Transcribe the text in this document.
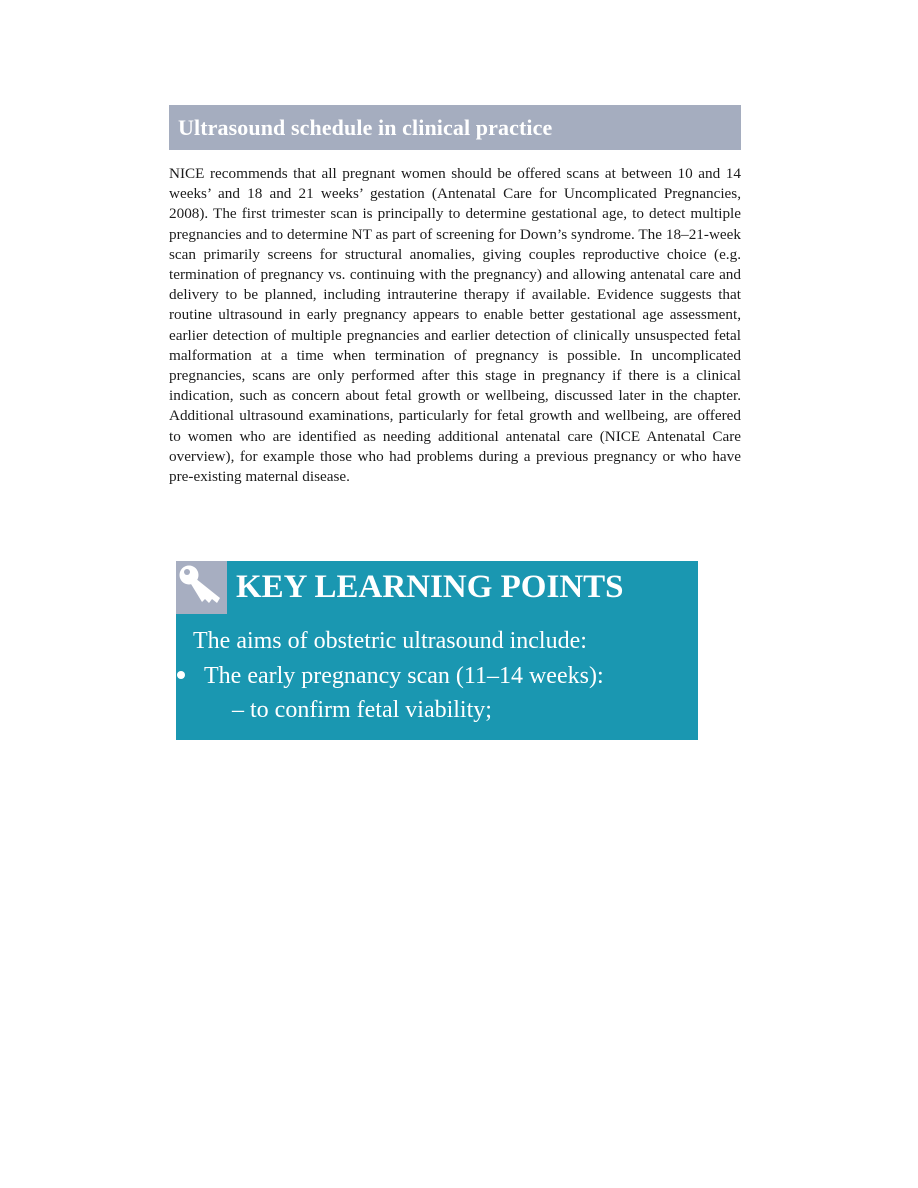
Ultrasound schedule in clinical practice

NICE recommends that all pregnant women should be offered scans at between 10 and 14 weeks’ and 18 and 21 weeks’ gestation (Antenatal Care for Uncomplicated Pregnancies, 2008). The first trimester scan is principally to determine gestational age, to detect multiple pregnancies and to determine NT as part of screening for Down’s syndrome. The 18–21-week scan primarily screens for structural anomalies, giving couples reproductive choice (e.g. termination of pregnancy vs. continuing with the pregnancy) and allowing antenatal care and delivery to be planned, including intrauterine therapy if available. Evidence suggests that routine ultrasound in early pregnancy appears to enable better gestational age assessment, earlier detection of multiple pregnancies and earlier detection of clinically unsuspected fetal malformation at a time when termination of pregnancy is possible. In uncomplicated pregnancies, scans are only performed after this stage in pregnancy if there is a clinical indication, such as concern about fetal growth or wellbeing, discussed later in the chapter. Additional ultrasound examinations, particularly for fetal growth and wellbeing, are offered to women who are identified as needing additional antenatal care (NICE Antenatal Care overview), for example those who had problems during a previous pregnancy or who have pre-existing maternal disease.

KEY LEARNING POINTS
The aims of obstetric ultrasound include:
The early pregnancy scan (11–14 weeks):
– to confirm fetal viability;
